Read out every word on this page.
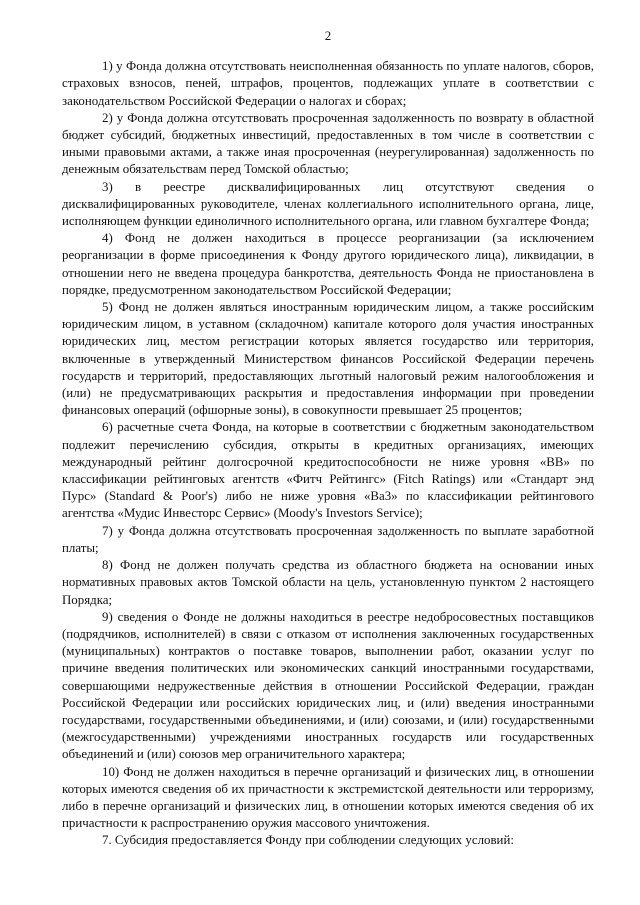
2

1) у Фонда должна отсутствовать неисполненная обязанность по уплате налогов, сборов, страховых взносов, пеней, штрафов, процентов, подлежащих уплате в соответствии с законодательством Российской Федерации о налогах и сборах;

2) у Фонда должна отсутствовать просроченная задолженность по возврату в областной бюджет субсидий, бюджетных инвестиций, предоставленных в том числе в соответствии с иными правовыми актами, а также иная просроченная (неурегулированная) задолженность по денежным обязательствам перед Томской областью;

3) в реестре дисквалифицированных лиц отсутствуют сведения о дисквалифицированных руководителе, членах коллегиального исполнительного органа, лице, исполняющем функции единоличного исполнительного органа, или главном бухгалтере Фонда;

4) Фонд не должен находиться в процессе реорганизации (за исключением реорганизации в форме присоединения к Фонду другого юридического лица), ликвидации, в отношении него не введена процедура банкротства, деятельность Фонда не приостановлена в порядке, предусмотренном законодательством Российской Федерации;

5) Фонд не должен являться иностранным юридическим лицом, а также российским юридическим лицом, в уставном (складочном) капитале которого доля участия иностранных юридических лиц, местом регистрации которых является государство или территория, включенные в утвержденный Министерством финансов Российской Федерации перечень государств и территорий, предоставляющих льготный налоговый режим налогообложения и (или) не предусматривающих раскрытия и предоставления информации при проведении финансовых операций (офшорные зоны), в совокупности превышает 25 процентов;

6) расчетные счета Фонда, на которые в соответствии с бюджетным законодательством подлежит перечислению субсидия, открыты в кредитных организациях, имеющих международный рейтинг долгосрочной кредитоспособности не ниже уровня «BB» по классификации рейтинговых агентств «Фитч Рейтингс» (Fitch Ratings) или «Стандарт энд Пурс» (Standard & Poor's) либо не ниже уровня «Ba3» по классификации рейтингового агентства «Мудис Инвесторс Сервис» (Moody's Investors Service);

7) у Фонда должна отсутствовать просроченная задолженность по выплате заработной платы;

8) Фонд не должен получать средства из областного бюджета на основании иных нормативных правовых актов Томской области на цель, установленную пунктом 2 настоящего Порядка;

9) сведения о Фонде не должны находиться в реестре недобросовестных поставщиков (подрядчиков, исполнителей) в связи с отказом от исполнения заключенных государственных (муниципальных) контрактов о поставке товаров, выполнении работ, оказании услуг по причине введения политических или экономических санкций иностранными государствами, совершающими недружественные действия в отношении Российской Федерации, граждан Российской Федерации или российских юридических лиц, и (или) введения иностранными государствами, государственными объединениями, и (или) союзами, и (или) государственными (межгосударственными) учреждениями иностранных государств или государственных объединений и (или) союзов мер ограничительного характера;

10) Фонд не должен находиться в перечне организаций и физических лиц, в отношении которых имеются сведения об их причастности к экстремистской деятельности или терроризму, либо в перечне организаций и физических лиц, в отношении которых имеются сведения об их причастности к распространению оружия массового уничтожения.

7. Субсидия предоставляется Фонду при соблюдении следующих условий:
